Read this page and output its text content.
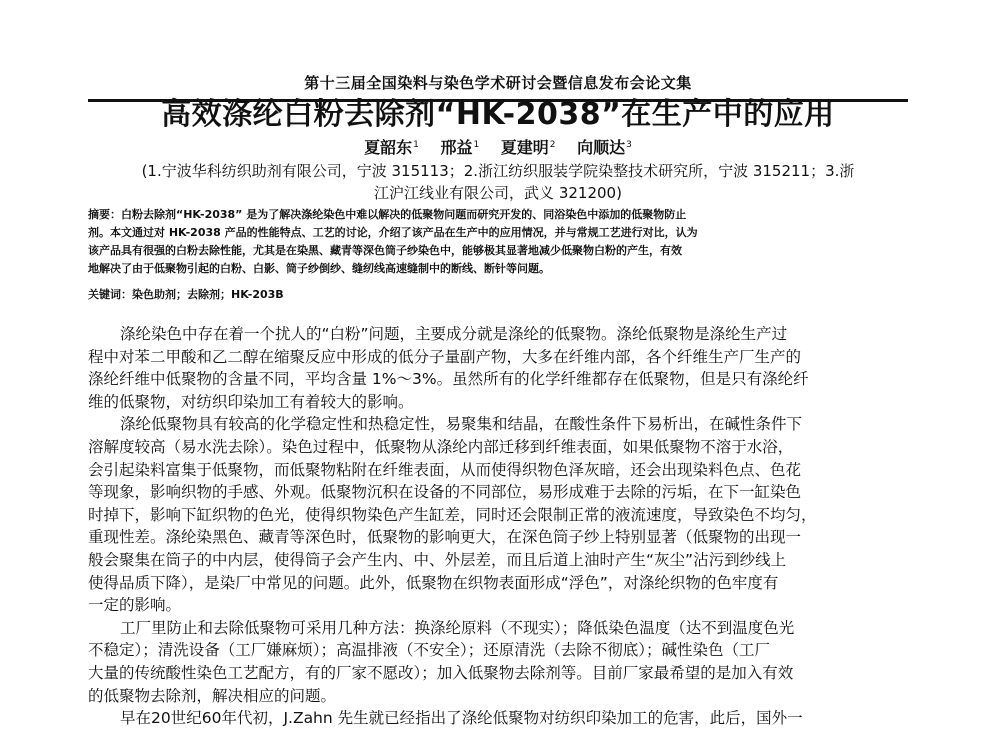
第十三届全国染料与染色学术研讨会暨信息发布会论文集
高效涤纶白粉去除剂“HK-2038”在生产中的应用
夏韶东$^1$ 邢益$^1$ 夏建明$^2$ 向顺达$^3$
(1.宁波华科纺织助剂有限公司，宁波 315113；2.浙江纺织服装学院染整技术研究所，宁波 315211；3.浙
江沪江线业有限公司，武义 321200)
摘要：白粉去除剂“HK-2038” 是为了解决涤纶染色中难以解决的低聚物问题而研究开发的、同浴染色中添加的低聚物防止
剂。本文通过对 HK-2038 产品的性能特点、工艺的讨论，介绍了该产品在生产中的应用情况，并与常规工艺进行对比，认为
该产品具有很强的白粉去除性能，尤其是在染黑、藏青等深色筒子纱染色中，能够极其显著地减少低聚物白粉的产生，有效
地解决了由于低聚物引起的白粉、白影、筒子纱倒纱、缝纫线高速缝制中的断线、断针等问题。
关键词：染色助剂；去除剂；HK-203B
涤纶染色中存在着一个扰人的“白粉”问题，主要成分就是涤纶的低聚物。涤纶低聚物是涤纶生产过
程中对苯二甲酸和乙二醇在缩聚反应中形成的低分子量副产物，大多在纤维内部，各个纤维生产厂生产的
涤纶纤维中低聚物的含量不同，平均含量 1%～3%。虽然所有的化学纤维都存在低聚物，但是只有涤纶纤
维的低聚物，对纺织印染加工有着较大的影响。
涤纶低聚物具有较高的化学稳定性和热稳定性，易聚集和结晶，在酸性条件下易析出，在碱性条件下
溶解度较高（易水洗去除）。染色过程中，低聚物从涤纶内部迁移到纤维表面，如果低聚物不溶于水浴，
会引起染料富集于低聚物，而低聚物粘附在纤维表面，从而使得织物色泽灰暗，还会出现染料色点、色花
等现象，影响织物的手感、外观。低聚物沉积在设备的不同部位，易形成难于去除的污垢，在下一缸染色
时掉下，影响下缸织物的色光，使得织物染色产生缸差，同时还会限制正常的液流速度，导致染色不均匀，
重现性差。涤纶染黑色、藏青等深色时，低聚物的影响更大，在深色筒子纱上特别显著（低聚物的出现一
般会聚集在筒子的中内层，使得筒子会产生内、中、外层差，而且后道上油时产生“灰尘”沾污到纱线上
使得品质下降），是染厂中常见的问题。此外，低聚物在织物表面形成“浮色”，对涤纶织物的色牢度有
一定的影响。
工厂里防止和去除低聚物可采用几种方法：换涤纶原料（不现实）；降低染色温度（达不到温度色光
不稳定）；清洗设备（工厂嫌麻烦）；高温排液（不安全）；还原清洗（去除不彻底）；碱性染色（工厂
大量的传统酸性染色工艺配方，有的厂家不愿改）；加入低聚物去除剂等。目前厂家最希望的是加入有效
的低聚物去除剂，解决相应的问题。
早在20世纪60年代初，J.Zahn 先生就已经指出了涤纶低聚物对纺织印染加工的危害，此后，国外一
